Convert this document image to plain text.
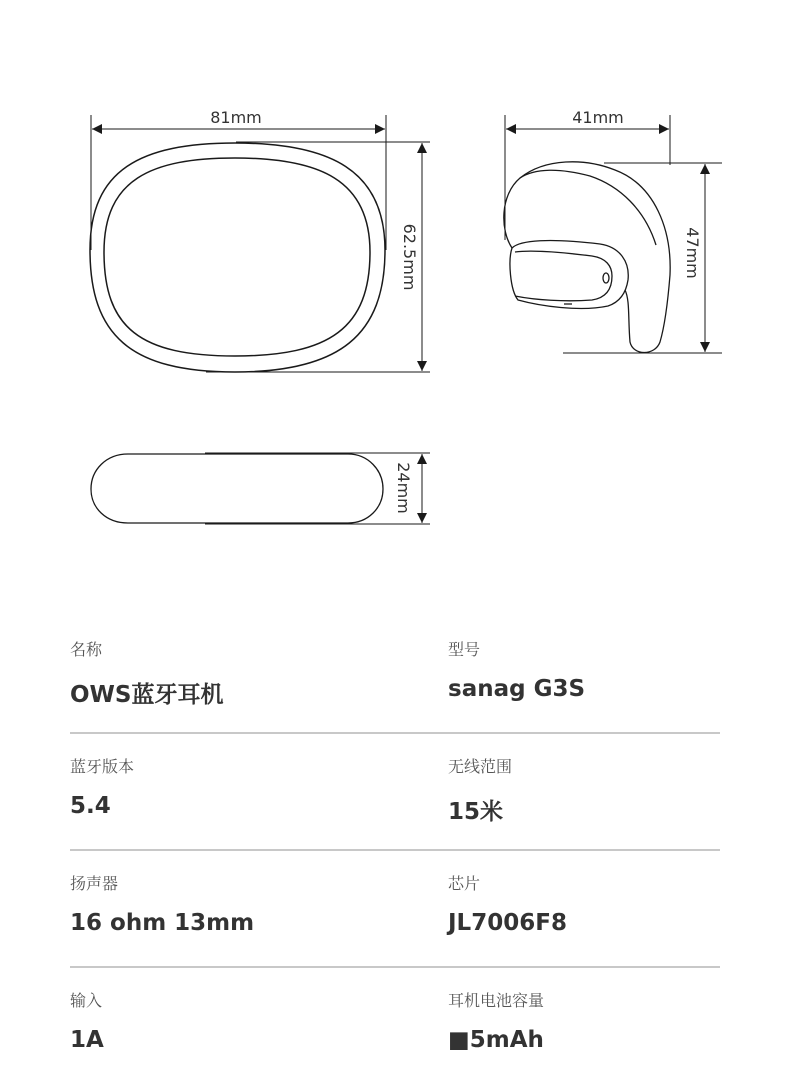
81mm
62.5mm
41mm
47mm
24mm
名称
OWS蓝牙耳机
型号
sanag G3S
蓝牙版本
5.4
无线范围
15米
扬声器
16 ohm 13mm
芯片
JL7006F8
输入
1A
耳机电池容量
■5mAh
